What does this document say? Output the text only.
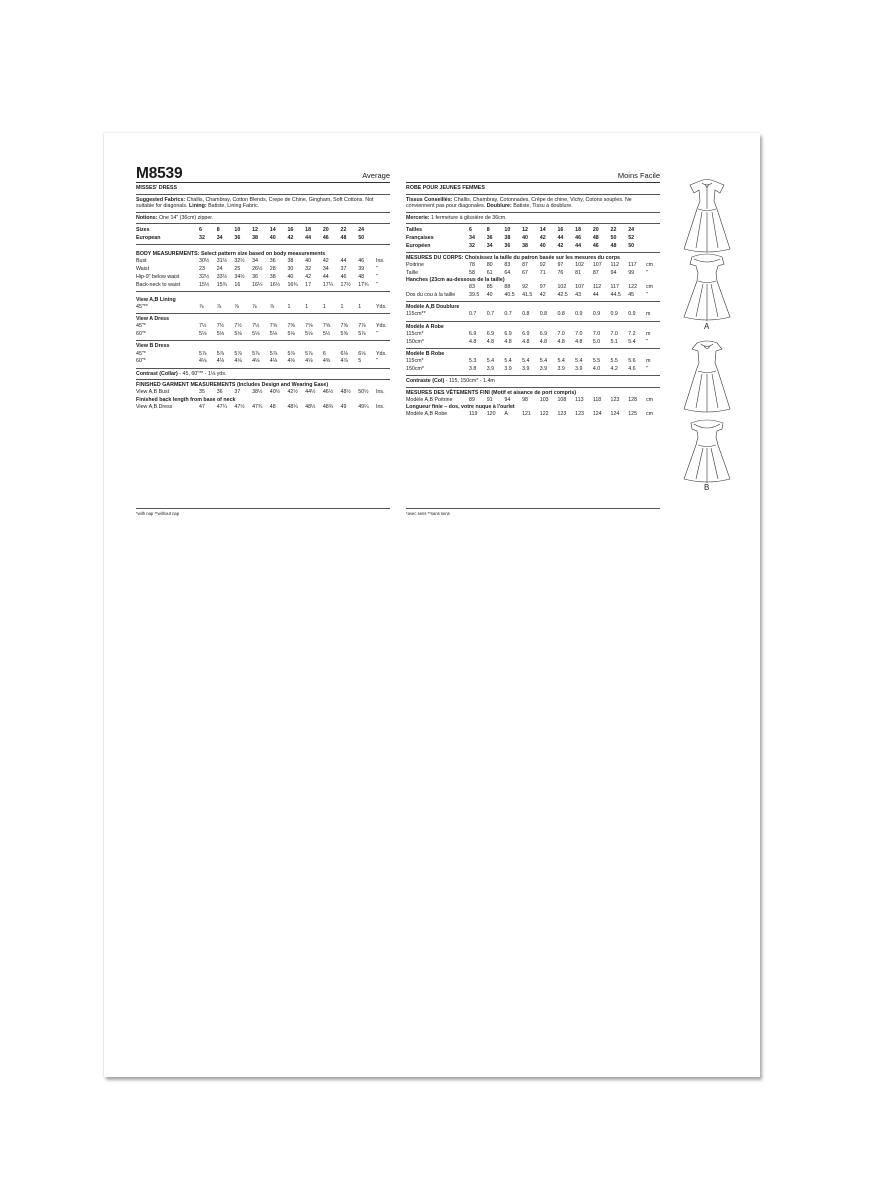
M8539	Average
MISSES' DRESS
Suggested Fabrics: Challis, Chambray, Cotton Blends, Crepe de Chine, Gingham, Soft Cottons. Not suitable for diagonals. Lining: Batiste, Lining Fabric.
Notions: One 14" (36cm) zipper.
Sizes	6	8	10	12	14	16	18	20	22	24	
European	32	34	36	38	40	42	44	46	48	50	
BODY MEASUREMENTS: Select pattern size based on body measurements
Bust	30½	31½	32½	34	36	38	40	42	44	46	Ins.
Waist	23	24	25	26½	28	30	32	34	37	39	"
Hip-9" below waist	32½	33½	34½	36	38	40	42	44	46	48	"
Back-neck to waist	15½	15¾	16	16¼	16½	16¾	17	17¼	17½	17¾	"
View A,B Lining
45"**	⅞	⅞	⅞	⅞	⅞	1	1	1	1	1	Yds.
View A Dress
45"*	7½	7½	7½	7½	7⅝	7⅝	7⅝	7⅝	7⅝	7⅞	Yds.
60"*	5⅛	5⅛	5⅛	5⅛	5⅛	5⅛	5⅛	5½	5⅝	5⅞	"
View B Dress
45"*	5⅞	5⅞	5⅞	5⅞	5⅞	5⅞	5⅞	6	6⅛	6⅛	Yds.
60"*	4⅛	4⅛	4⅛	4⅛	4⅛	4⅛	4⅛	4⅜	4⅞	5	"
Contrast (Collar) - 45, 60"** - 1⅛ yds.
FINISHED GARMENT MEASUREMENTS (Includes Design and Wearing Ease)
View A,B Bust	35	36	37	38½	40½	42½	44½	46½	48½	50½	Ins.
Finished back length from base of neck
View A,B Dress	47	47¼	47½	47¾	48	48¼	48½	48¾	49	49¼	Ins.
*with nap **without nap
Moins Facile
ROBE POUR JEUNES FEMMES
Tissus Conseillés: Challis, Chambray, Cotonnades, Crêpe de chine, Vichy, Cotons souples. Ne conviennent pas pour diagonales. Doublure: Batiste, Tissu à doublure.
Mercerie: 1 fermeture à glissière de 36cm.
Tailles	6	8	10	12	14	16	18	20	22	24	
Françaises	34	36	38	40	42	44	46	48	50	52	
Européen	32	34	36	38	40	42	44	46	48	50	
MESURES DU CORPS: Choisissez la taille du patron basée sur les mesures du corps
Poitrine	78	80	83	87	92	97	102	107	112	117	cm
Taille	58	61	64	67	71	76	81	87	94	99	"
Hanches (23cm au-dessous de la taille)
	83	85	88	92	97	102	107	112	117	122	cm
Dos du cou à la taille	39.5	40	40.5	41.5	42	42.5	43	44	44.5	45	"
Modèle A,B Doublure
115cm**	0.7	0.7	0.7	0.8	0.8	0.8	0.9	0.9	0.9	0.9	m
Modèle A Robe
115cm*	6.9	6.9	6.9	6.9	6.9	7.0	7.0	7.0	7.0	7.2	m
150cm*	4.8	4.8	4.8	4.8	4.8	4.8	4.8	5.0	5.1	5.4	"
Modèle B Robe
115cm*	5.3	5.4	5.4	5.4	5.4	5.4	5.4	5.5	5.5	5.6	m
150cm*	3.8	3.9	3.9	3.9	3.9	3.9	3.9	4.0	4.2	4.6	"
Contraste (Col) - 115, 150cm* - 1.4m
MESURES DES VÊTEMENTS FINI (Motif et aisance de port compris)
Modèle A,B Poitrine	89	91	94	98	103	108	113	118	123	128	cm
Longueur finie – dos, votre nuque à l'ourlet
Modèle A,B Robe	119	120	A	121	122	123	123	124	124	125	cm
*avec sens **sans sens
A
B
